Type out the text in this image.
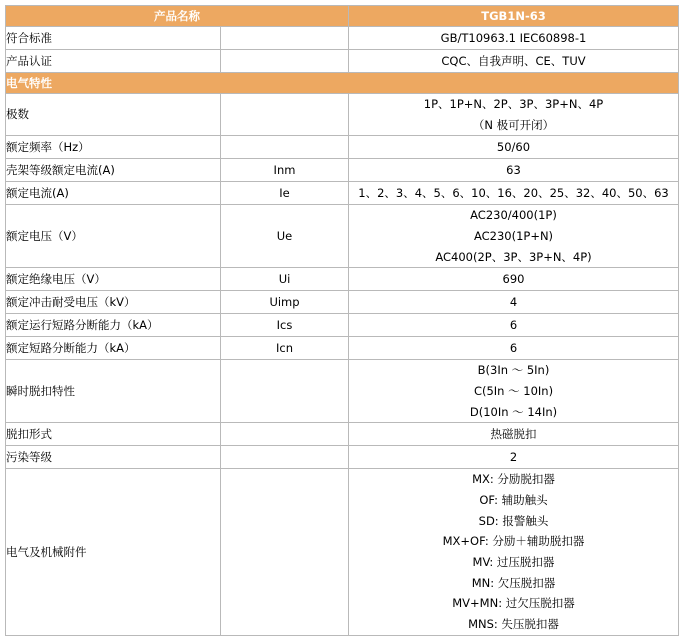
产品名称		TGB1N-63
符合标准		GB/T10963.1 IEC60898-1

产品认证		CQC、自我声明、CE、TUV

电气特性		
极数		1P、1P+N、2P、3P、3P+N、4P
（N 极可开闭）

额定频率（Hz）		50/60

壳架等级额定电流(A)	Inm	63

额定电流(A)	Ie	1、2、3、4、5、6、10、16、20、25、32、40、50、63

额定电压（V）	Ue	AC230/400(1P)
AC230(1P+N)
AC400(2P、3P、3P+N、4P)

额定绝缘电压（V）	Ui	690

额定冲击耐受电压（kV）	Uimp	4

额定运行短路分断能力（kA）	Ics	6

额定短路分断能力（kA）	Icn	6

瞬时脱扣特性		B(3In ～ 5In)
C(5In ～ 10In)
D(10In ～ 14In)

脱扣形式		热磁脱扣

污染等级		2

电气及机械附件		
MX: 分励脱扣器
OF: 辅助触头
SD: 报警触头
MX+OF: 分励＋辅助脱扣器
MV: 过压脱扣器
MN: 欠压脱扣器
MV+MN: 过欠压脱扣器
MNS: 失压脱扣器
